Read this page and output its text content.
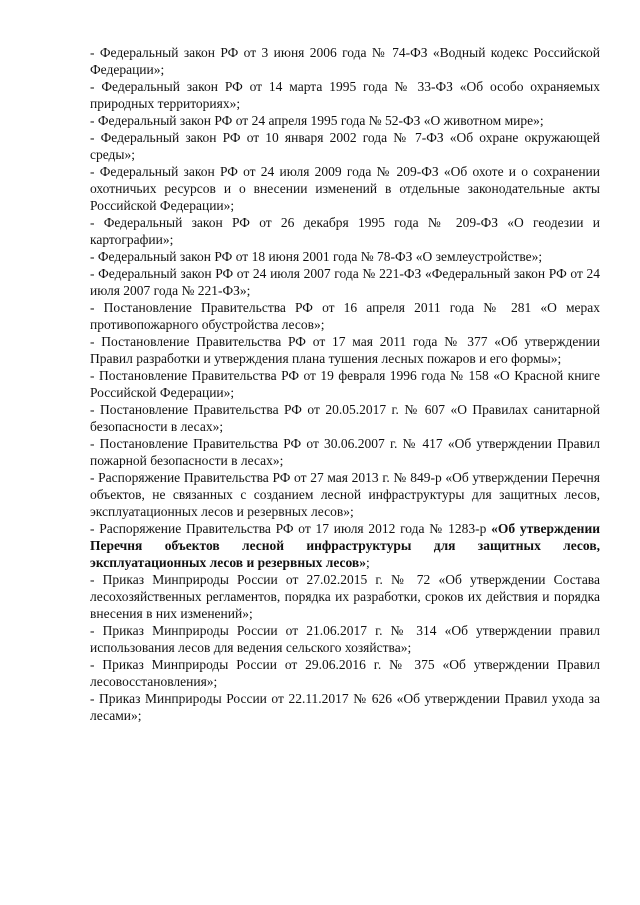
- Федеральный закон РФ от 3 июня 2006 года № 74-ФЗ «Водный кодекс Российской Федерации»;

- Федеральный закон РФ от 14 марта 1995 года № 33-ФЗ «Об особо охраняемых природных территориях»;

- Федеральный закон РФ от 24 апреля 1995 года № 52-ФЗ «О животном мире»;

- Федеральный закон РФ от 10 января 2002 года № 7-ФЗ «Об охране окружающей среды»;

- Федеральный закон РФ от 24 июля 2009 года № 209-ФЗ «Об охоте и о сохранении охотничьих ресурсов и о внесении изменений в отдельные законодательные акты Российской Федерации»;

- Федеральный закон РФ от 26 декабря 1995 года № 209-ФЗ «О геодезии и картографии»;

- Федеральный закон РФ от 18 июня 2001 года № 78-ФЗ «О землеустройстве»;

- Федеральный закон РФ от 24 июля 2007 года № 221-ФЗ «Федеральный закон РФ от 24 июля 2007 года № 221-ФЗ»;

- Постановление Правительства РФ от 16 апреля 2011 года № 281 «О мерах противопожарного обустройства лесов»;

- Постановление Правительства РФ от 17 мая 2011 года № 377 «Об утверждении Правил разработки и утверждения плана тушения лесных пожаров и его формы»;

- Постановление Правительства РФ от 19 февраля 1996 года № 158 «О Красной книге Российской Федерации»;

- Постановление Правительства РФ от 20.05.2017 г. № 607 «О Правилах санитарной безопасности в лесах»;

- Постановление Правительства РФ от 30.06.2007 г. № 417 «Об утверждении Правил пожарной безопасности в лесах»;

- Распоряжение Правительства РФ от 27 мая 2013 г. № 849-р «Об утверждении Перечня объектов, не связанных с созданием лесной инфраструктуры для защитных лесов, эксплуатационных лесов и резервных лесов»;

- Распоряжение Правительства РФ от 17 июля 2012 года № 1283-р «Об утверждении Перечня объектов лесной инфраструктуры для защитных лесов, эксплуатационных лесов и резервных лесов»;

- Приказ Минприроды России от 27.02.2015 г. № 72 «Об утверждении Состава лесохозяйственных регламентов, порядка их разработки, сроков их действия и порядка внесения в них изменений»;

- Приказ Минприроды России от 21.06.2017 г. № 314 «Об утверждении правил использования лесов для ведения сельского хозяйства»;

- Приказ Минприроды России от 29.06.2016 г. № 375 «Об утверждении Правил лесовосстановления»;

- Приказ Минприроды России от 22.11.2017 № 626 «Об утверждении Правил ухода за лесами»;
